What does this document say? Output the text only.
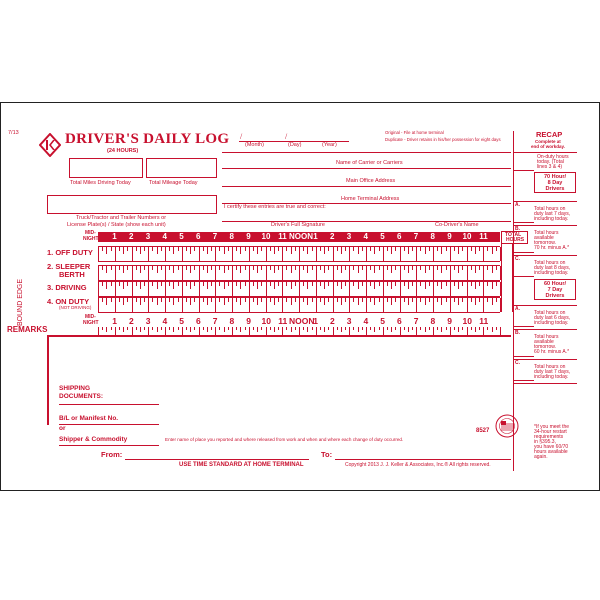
7/13	DRIVER'S DAILY LOG
(24 HOURS)
/	/
(Month)	(Day)	(Year)
Original - File at home terminal
Duplicate - Driver retains in his/her possession for eight days
Total Miles Driving Today	Total Mileage Today
Name of Carrier or Carriers
Main Office Address
Home Terminal Address
I certify these entries are true and correct:
Truck/Tractor and Trailer Numbers or
License Plate(s) / State (show each unit)	Driver's Full Signature	Co-Driver's Name
1 2 3 4 5 6 7 8 9 10 11 NOON 1 2 3 4 5 6 7 8 9 10 11
MID-
NIGHT
TOTAL
HOURS
BOUND EDGE
1. OFF DUTY
2. SLEEPER
BERTH
3. DRIVING
4. ON DUTY
(NOT DRIVING)
MID-
NIGHT 1 2 3 4 5 6 7 8 9 10 11 NOON
1 2 3 4 5 6 7 8 9 10 11
REMARKS
SHIPPING
DOCUMENTS:
B/L or Manifest No.
or
Shipper & Commodity	Enter name of place you reported and where released from work and when and where each change of duty occurred.
8527
From:	To:
USE TIME STANDARD AT HOME TERMINAL	Copyright 2013 J. J. Keller & Associates, Inc.® All rights reserved.
RECAP
Complete at
end of workday.
On-duty hours
today. (Total
lines 3 & 4)
70 Hour/
8 Day
Drivers
A.
Total hours on
duty last 7 days,
including today.
B.
Total hours
available
tomorrow.
70 hr. minus A.*
C.
Total hours on
duty last 8 days,
including today.
60 Hour/
7 Day
Drivers
A.
Total hours on
duty last 6 days,
including today.
B.
Total hours
available
tomorrow.
60 hr. minus A.*
C.
Total hours on
duty last 7 days,
including today.
*If you meet the
34-hour restart
requirements
in §395.3,
you have 60/70
hours available
again.
